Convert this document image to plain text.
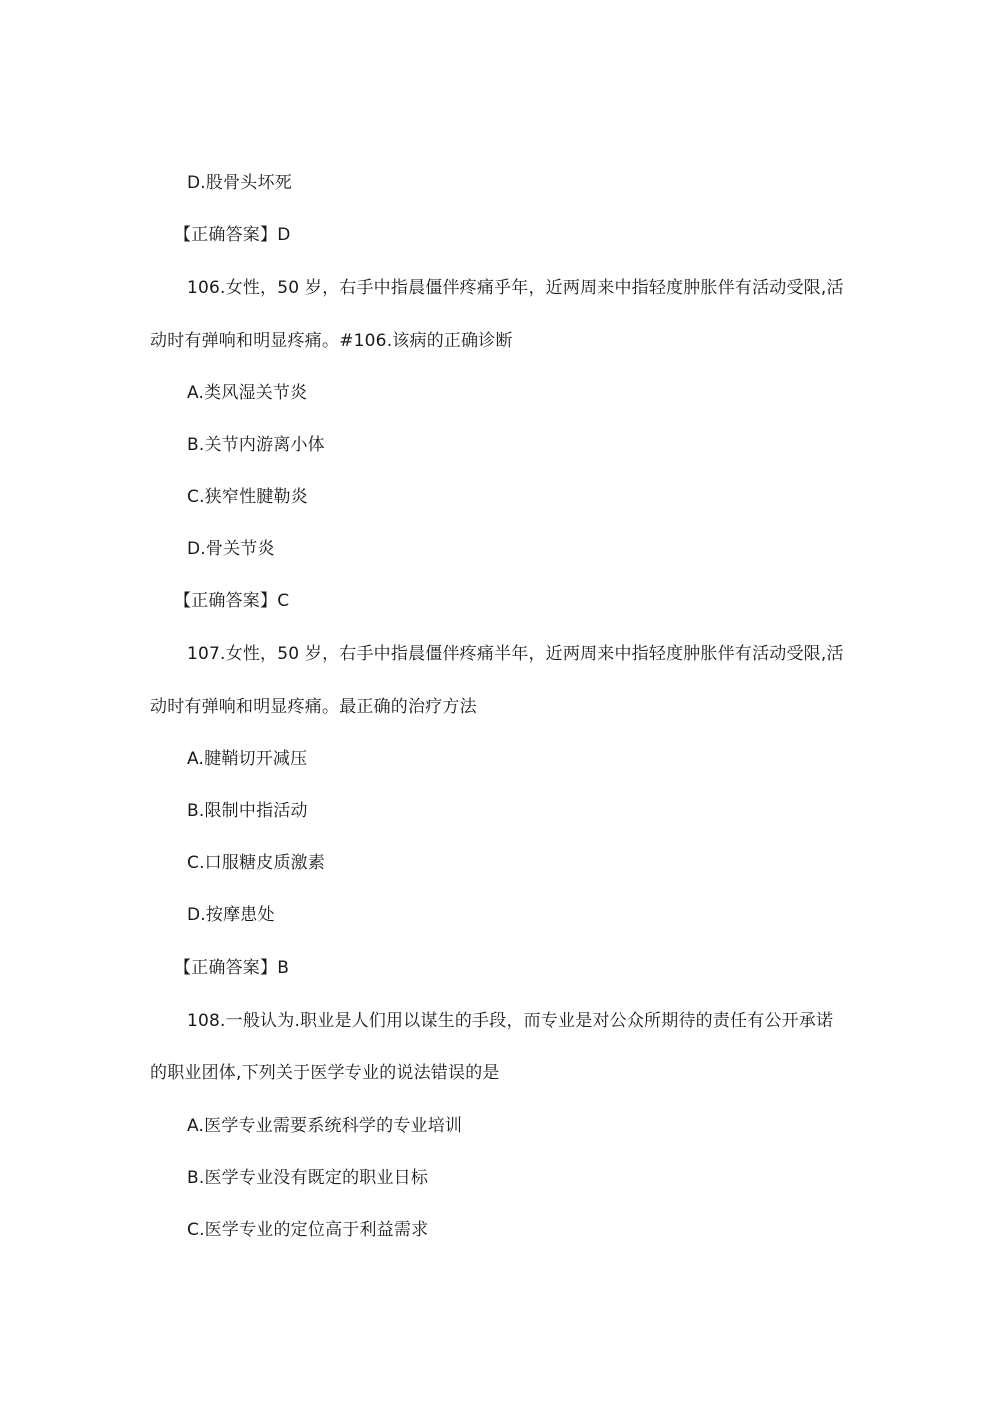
D.股骨头坏死
【正确答案】D
106.女性，50 岁，右手中指晨僵伴疼痛乎年，近两周来中指轻度肿胀伴有活动受限,活
动时有弹响和明显疼痛。#106.该病的正确诊断
A.类风湿关节炎
B.关节内游离小体
C.狭窄性腱勒炎
D.骨关节炎
【正确答案】C
107.女性，50 岁，右手中指晨僵伴疼痛半年，近两周来中指轻度肿胀伴有活动受限,活
动时有弹响和明显疼痛。最正确的治疗方法
A.腱鞘切开减压
B.限制中指活动
C.口服糖皮质激素
D.按摩患处
【正确答案】B
108.一般认为.职业是人们用以谋生的手段，而专业是对公众所期待的责任有公开承诺
的职业团体,下列关于医学专业的说法错误的是
A.医学专业需要系统科学的专业培训
B.医学专业没有既定的职业日标
C.医学专业的定位高于利益需求
